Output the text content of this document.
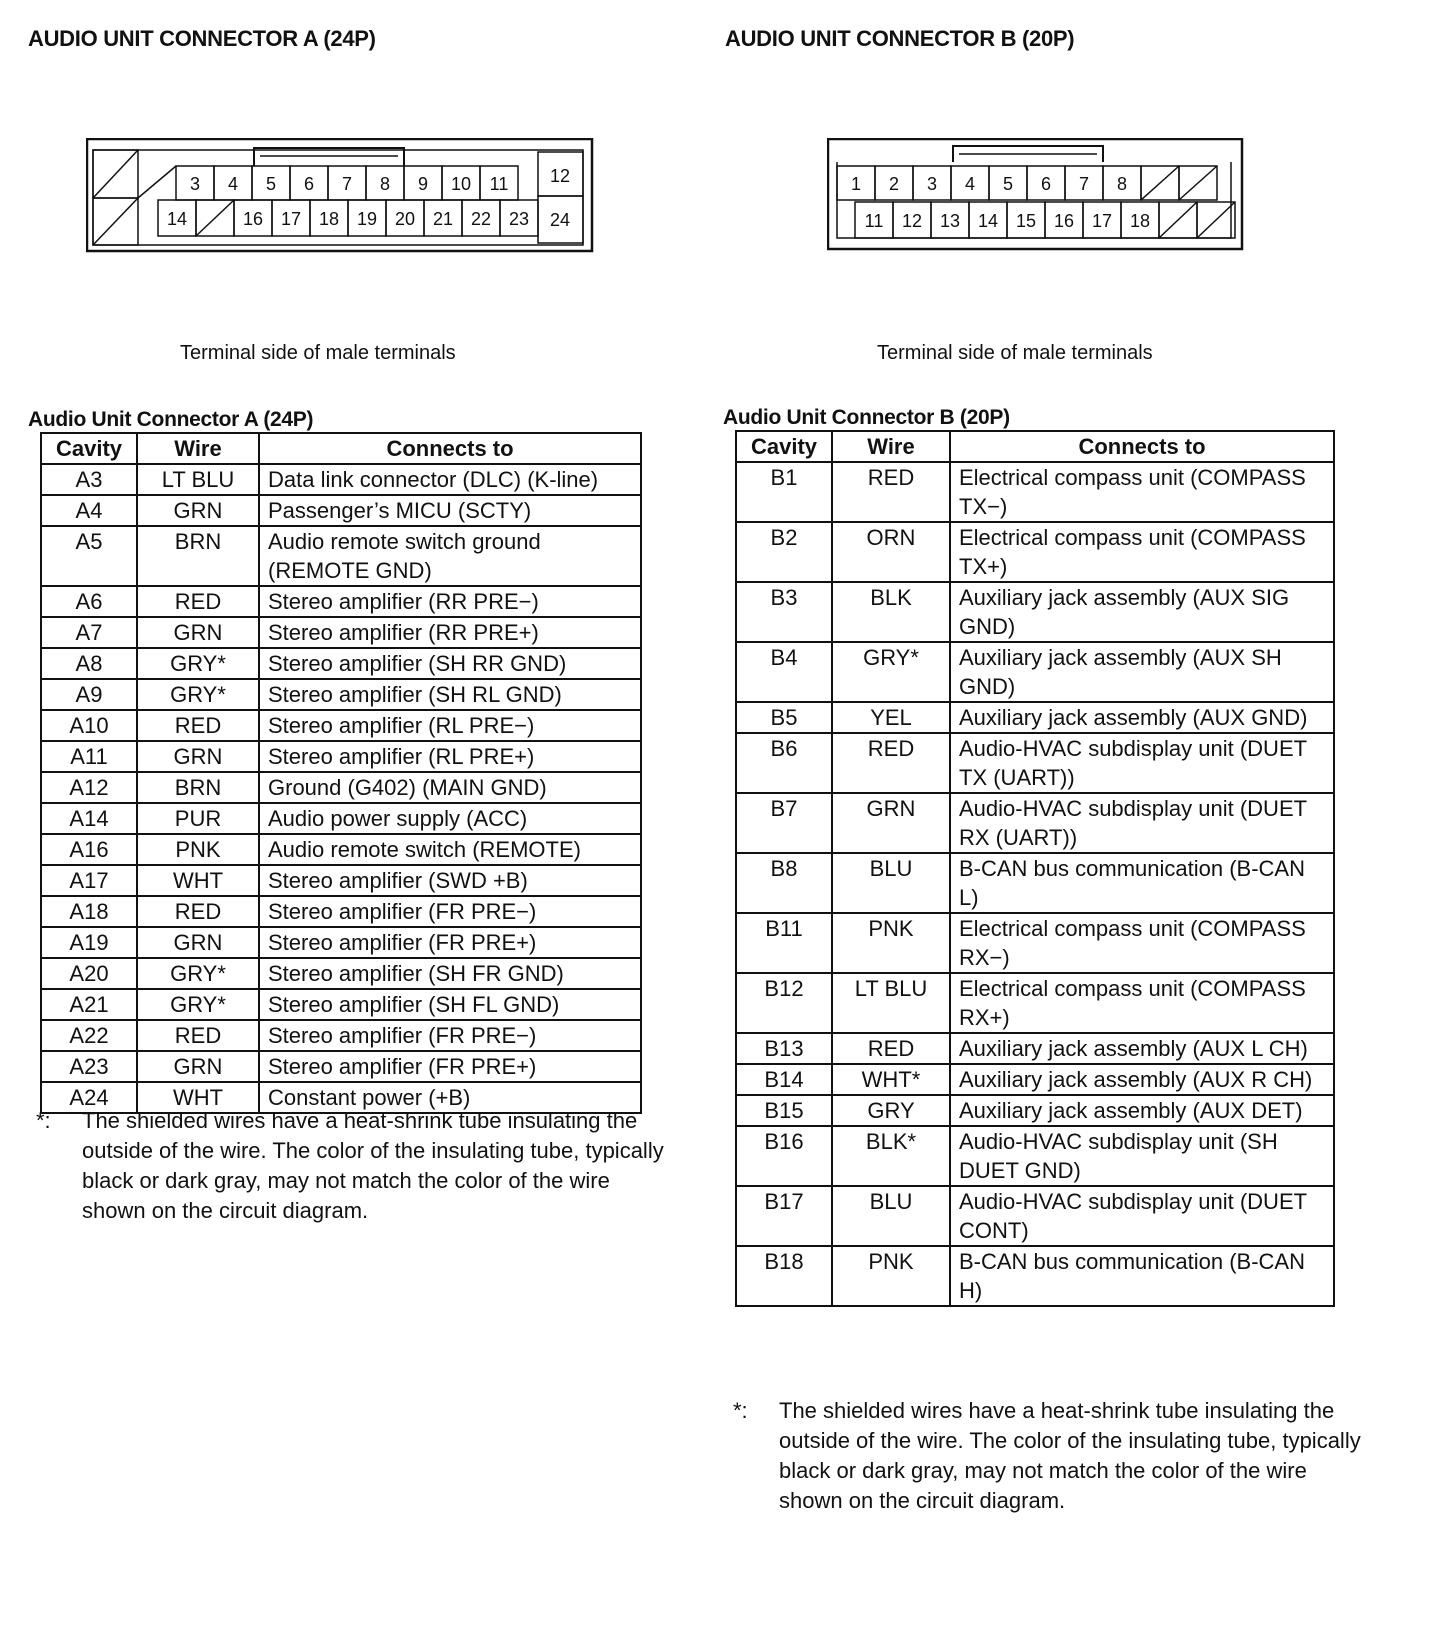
AUDIO UNIT CONNECTOR A (24P)
3 4 5 6 7 8 9 10 11
14	16 17 18 19 20 21 22 23
12
24
Terminal side of male terminals
Audio Unit Connector A (24P)
Cavity	Wire	Connects to
A3	LT BLU	Data link connector (DLC) (K-line)
A4	GRN	Passenger’s MICU (SCTY)
A5	BRN	Audio remote switch ground (REMOTE GND)
A6	RED	Stereo amplifier (RR PRE−)
A7	GRN	Stereo amplifier (RR PRE+)
A8	GRY*	Stereo amplifier (SH RR GND)
A9	GRY*	Stereo amplifier (SH RL GND)
A10	RED	Stereo amplifier (RL PRE−)
A11	GRN	Stereo amplifier (RL PRE+)
A12	BRN	Ground (G402) (MAIN GND)
A14	PUR	Audio power supply (ACC)
A16	PNK	Audio remote switch (REMOTE)
A17	WHT	Stereo amplifier (SWD +B)
A18	RED	Stereo amplifier (FR PRE−)
A19	GRN	Stereo amplifier (FR PRE+)
A20	GRY*	Stereo amplifier (SH FR GND)
A21	GRY*	Stereo amplifier (SH FL GND)
A22	RED	Stereo amplifier (FR PRE−)
A23	GRN	Stereo amplifier (FR PRE+)
A24	WHT	Constant power (+B)
*: The shielded wires have a heat-shrink tube insulating the outside of the wire. The color of the insulating tube, typically black or dark gray, may not match the color of the wire shown on the circuit diagram.
AUDIO UNIT CONNECTOR B (20P)
1 2 3 4 5 6 7 8
11 12 13 14 15 16 17 18
Terminal side of male terminals
Audio Unit Connector B (20P)
Cavity	Wire	Connects to
B1	RED	Electrical compass unit (COMPASS TX−)
B2	ORN	Electrical compass unit (COMPASS TX+)
B3	BLK	Auxiliary jack assembly (AUX SIG GND)
B4	GRY*	Auxiliary jack assembly (AUX SH GND)
B5	YEL	Auxiliary jack assembly (AUX GND)
B6	RED	Audio-HVAC subdisplay unit (DUET TX (UART))
B7	GRN	Audio-HVAC subdisplay unit (DUET RX (UART))
B8	BLU	B-CAN bus communication (B-CAN L)
B11	PNK	Electrical compass unit (COMPASS RX−)
B12	LT BLU	Electrical compass unit (COMPASS RX+)
B13	RED	Auxiliary jack assembly (AUX L CH)
B14	WHT*	Auxiliary jack assembly (AUX R CH)
B15	GRY	Auxiliary jack assembly (AUX DET)
B16	BLK*	Audio-HVAC subdisplay unit (SH DUET GND)
B17	BLU	Audio-HVAC subdisplay unit (DUET CONT)
B18	PNK	B-CAN bus communication (B-CAN H)
*: The shielded wires have a heat-shrink tube insulating the outside of the wire. The color of the insulating tube, typically black or dark gray, may not match the color of the wire shown on the circuit diagram.
